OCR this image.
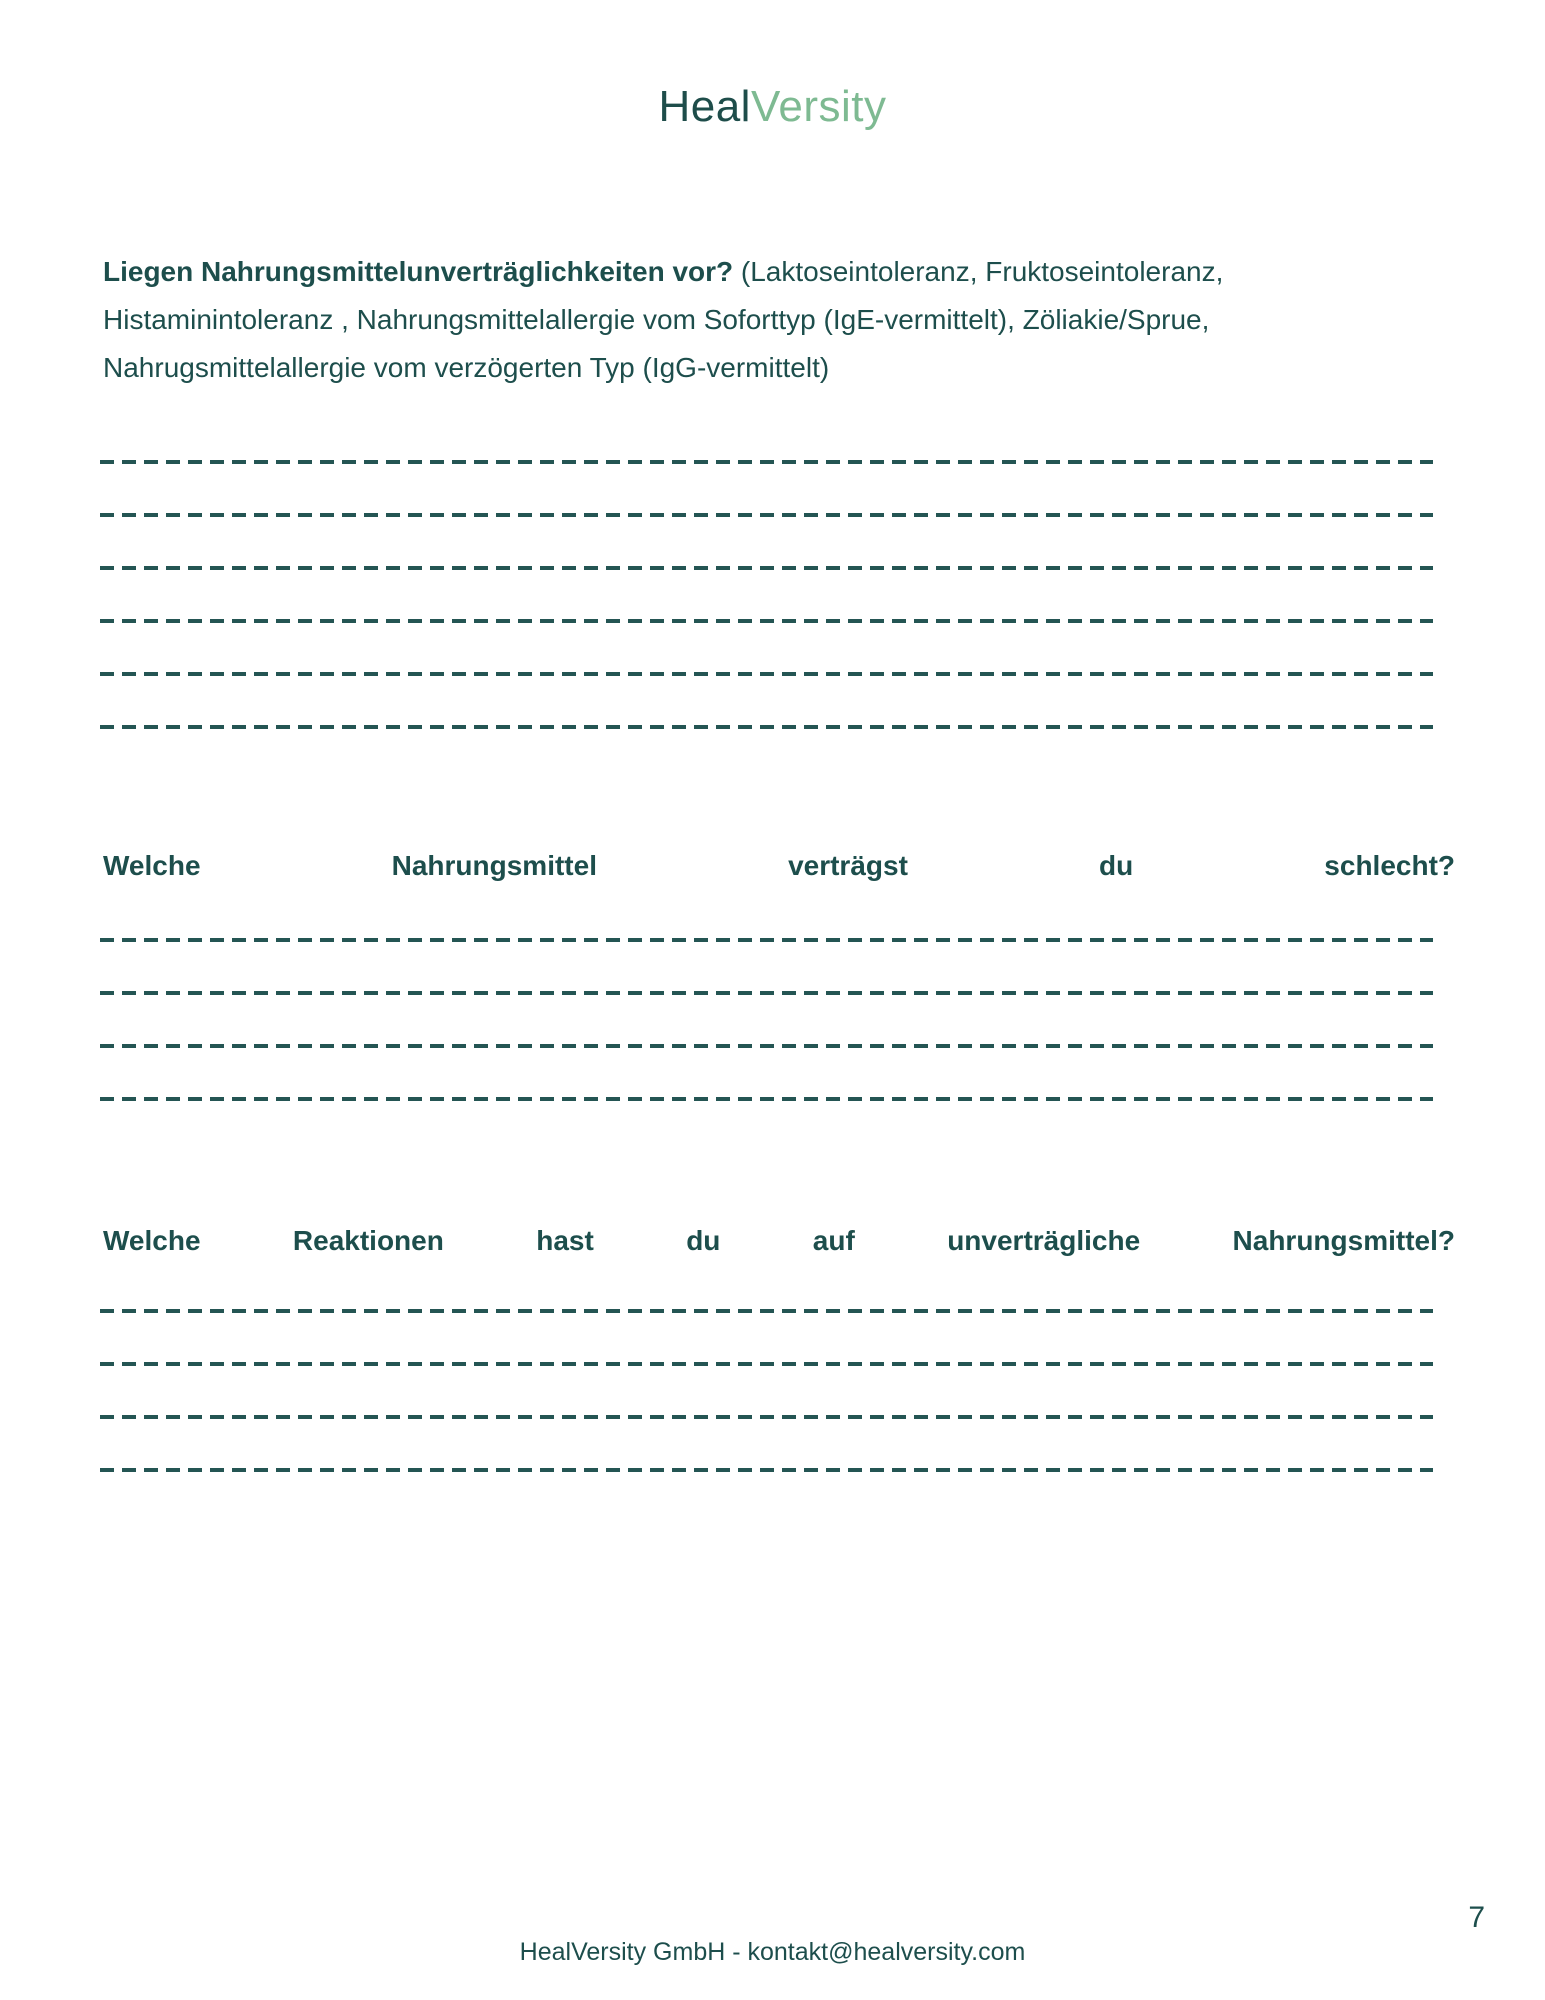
HealVersity
Liegen Nahrungsmittelunverträglichkeiten vor? (Laktoseintoleranz, Fruktoseintoleranz, Histaminintoleranz , Nahrungsmittelallergie vom Soforttyp (IgE-vermittelt), Zöliakie/Sprue, Nahrugsmittelallergie vom verzögerten Typ (IgG-vermittelt)
Welche Nahrungsmittel verträgst du schlecht?
Welche Reaktionen hast du auf unverträgliche Nahrungsmittel?
7
HealVersity GmbH - kontakt@healversity.com
